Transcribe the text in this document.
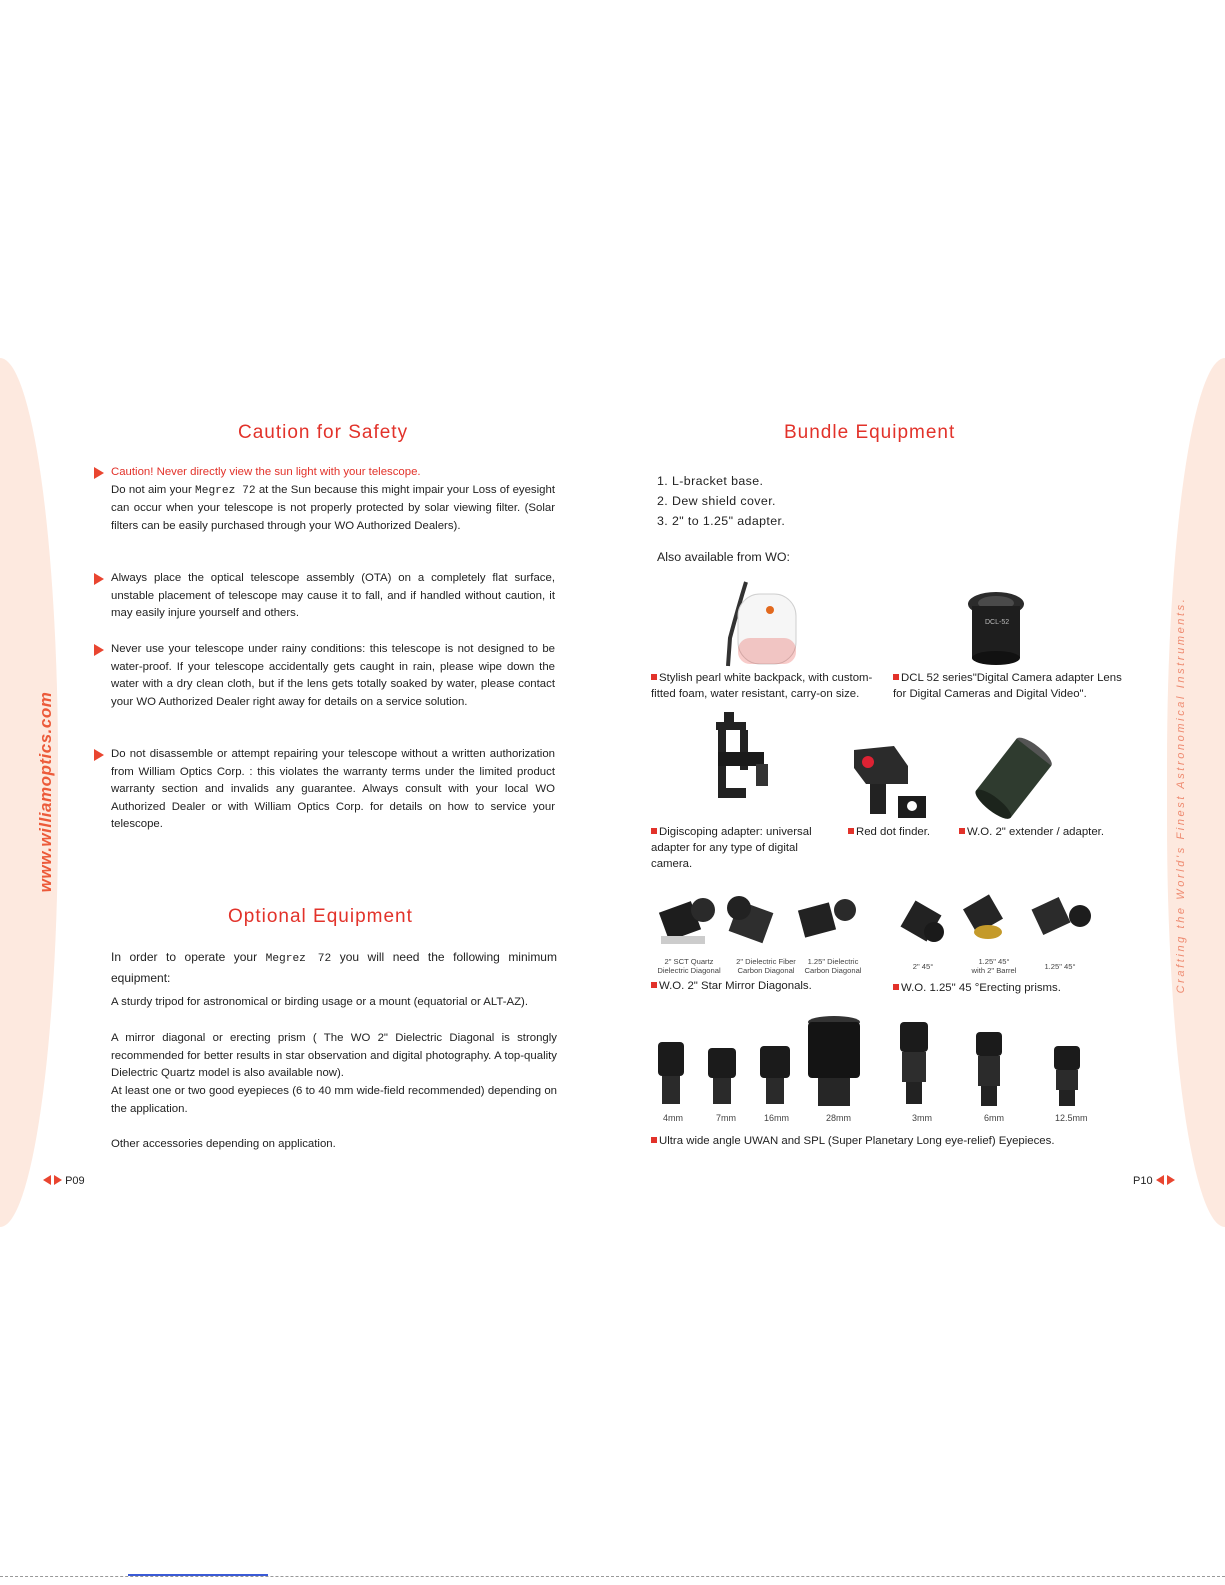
www.williamoptics.com	Crafting the World's Finest Astronomical Instruments.
Caution for Safety

Caution! Never directly view the sun light with your telescope.

Do not aim your Megrez 72 at the Sun because this might impair your Loss of eyesight can occur when your telescope is not properly protected by solar viewing filter. (Solar filters can be easily purchased through your WO Authorized Dealers).

Always place the optical telescope assembly (OTA) on a completely flat surface, unstable placement of telescope may cause it to fall, and if handled without caution, it may easily injure yourself and others.

Never use your telescope under rainy conditions: this telescope is not designed to be water-proof. If your telescope accidentally gets caught in rain, please wipe down the water with a dry clean cloth, but if the lens gets totally soaked by water, please contact your WO Authorized Dealer right away for details on a service solution.

Do not disassemble or attempt repairing your telescope without a written authorization from William Optics Corp. : this violates the warranty terms under the limited product warranty section and invalids any guarantee. Always consult with your local WO Authorized Dealer or with William Optics Corp. for details on how to service your telescope.

Optional Equipment

In order to operate your Megrez 72 you will need the following minimum equipment:

A sturdy tripod for astronomical or birding usage or a mount (equatorial or ALT-AZ).

A mirror diagonal or erecting prism ( The WO 2" Dielectric Diagonal is strongly recommended for better results in star observation and digital photography. A top-quality Dielectric Quartz model is also available now).

At least one or two good eyepieces (6 to 40 mm wide-field recommended) depending on the application.

Other accessories depending on application.

P09
Bundle Equipment
1. L-bracket base.
2. Dew shield cover.
3. 2" to 1.25" adapter.
Also available from WO:
Stylish pearl white backpack, with custom-fitted foam, water resistant, carry-on size.
DCL-52
DCL 52 series"Digital Camera adapter Lens for Digital Cameras and Digital Video".
Digiscoping adapter: universal adapter for any type of digital camera.
Red dot finder.	W.O. 2" extender / adapter.
2" SCT Quartz
Dielectric Diagonal
2" Dielectric Fiber
Carbon Diagonal
1.25" Dielectric
Carbon Diagonal
W.O. 2" Star Mirror Diagonals.
2" 45°
1.25" 45°
with 2" Barrel	1.25" 45°
W.O. 1.25" 45 °Erecting prisms.
4mm	7mm	16mm	28mm	3mm	6mm	12.5mm
Ultra wide angle UWAN and SPL (Super Planetary Long eye-relief) Eyepieces.
P10
